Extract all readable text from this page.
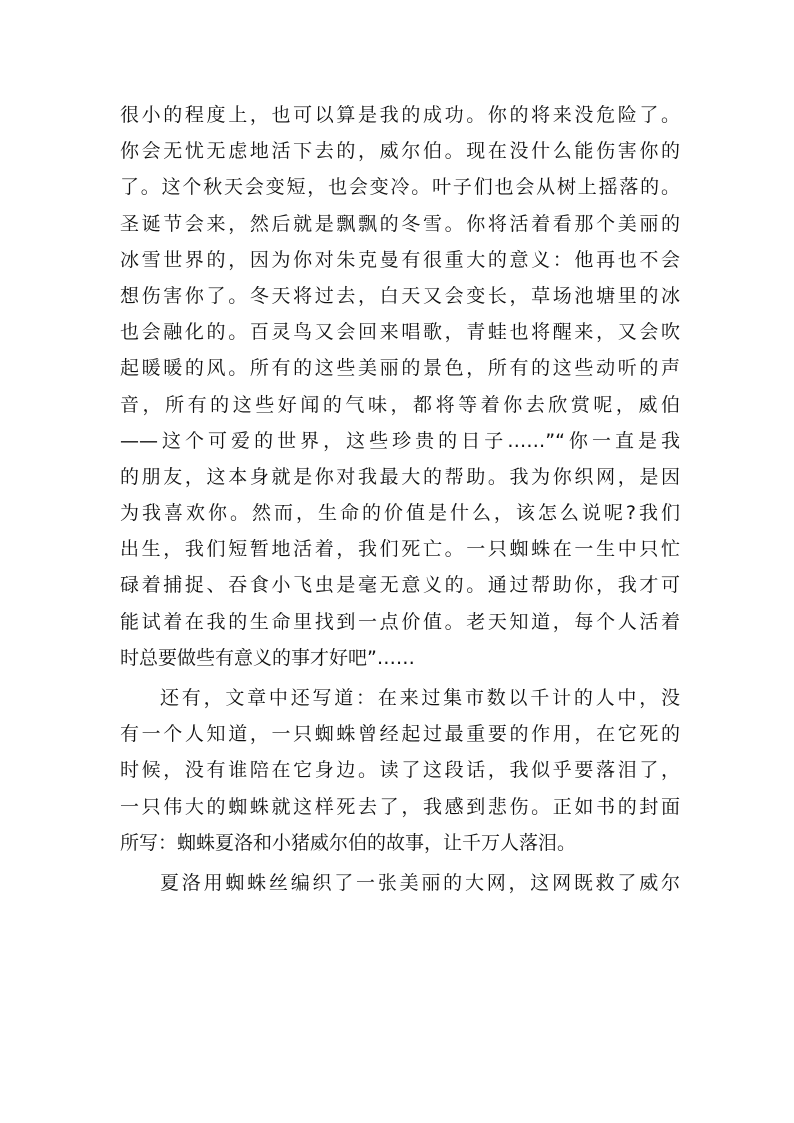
很小的程度上，也可以算是我的成功。你的将来没危险了。
你会无忧无虑地活下去的，威尔伯。现在没什么能伤害你的
了。这个秋天会变短，也会变冷。叶子们也会从树上摇落的。
圣诞节会来，然后就是飘飘的冬雪。你将活着看那个美丽的
冰雪世界的，因为你对朱克曼有很重大的意义：他再也不会
想伤害你了。冬天将过去，白天又会变长，草场池塘里的冰
也会融化的。百灵鸟又会回来唱歌，青蛙也将醒来，又会吹
起暖暖的风。所有的这些美丽的景色，所有的这些动听的声
音，所有的这些好闻的气味，都将等着你去欣赏呢，威伯
——这个可爱的世界，这些珍贵的日子……”“你一直是我
的朋友，这本身就是你对我最大的帮助。我为你织网，是因
为我喜欢你。然而，生命的价值是什么，该怎么说呢?我们
出生，我们短暂地活着，我们死亡。一只蜘蛛在一生中只忙
碌着捕捉、吞食小飞虫是毫无意义的。通过帮助你，我才可
能试着在我的生命里找到一点价值。老天知道，每个人活着
时总要做些有意义的事才好吧”……
还有，文章中还写道：在来过集市数以千计的人中，没
有一个人知道，一只蜘蛛曾经起过最重要的作用，在它死的
时候，没有谁陪在它身边。读了这段话，我似乎要落泪了，
一只伟大的蜘蛛就这样死去了，我感到悲伤。正如书的封面
所写：蜘蛛夏洛和小猪威尔伯的故事，让千万人落泪。
夏洛用蜘蛛丝编织了一张美丽的大网，这网既救了威尔
